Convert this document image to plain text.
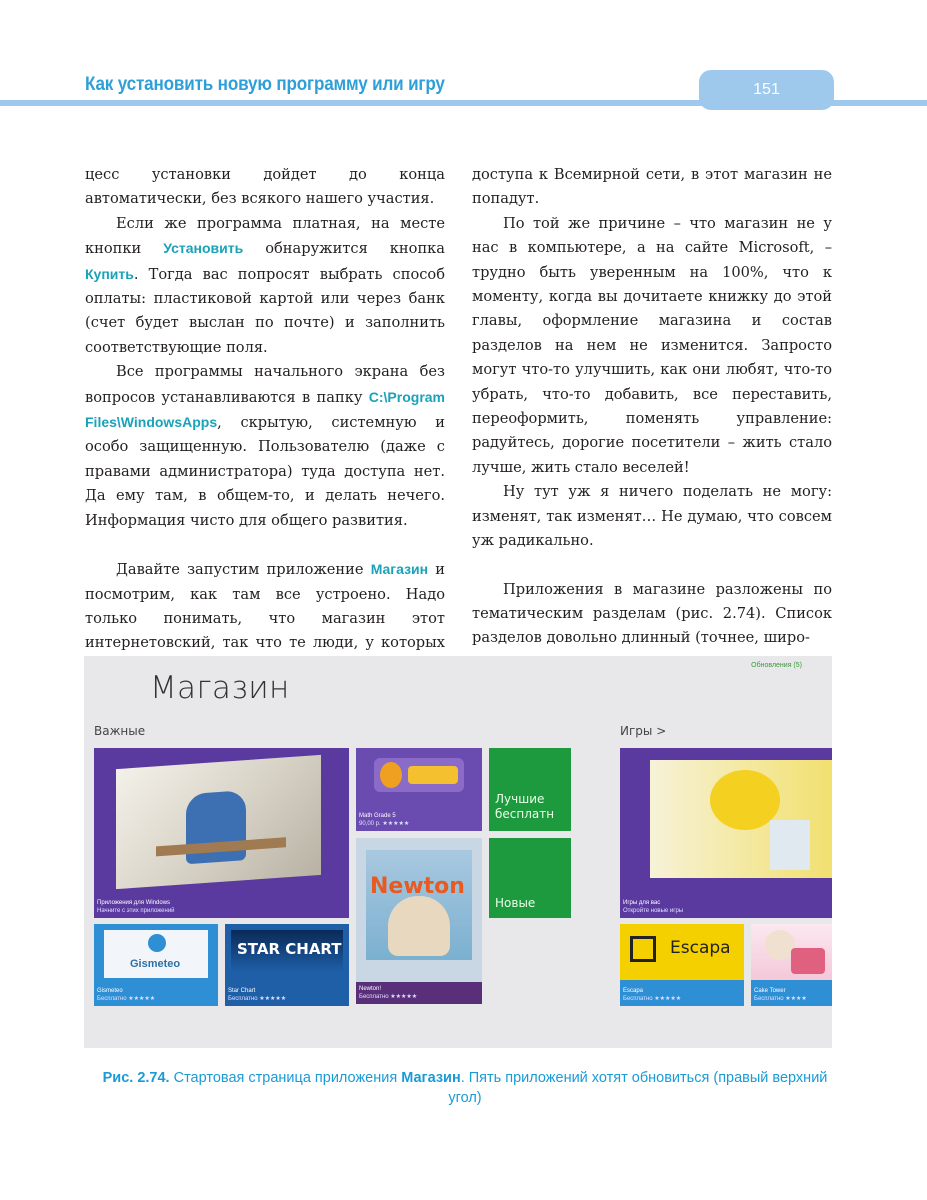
Как установить новую программу или игру	151

цесс установки дойдет до конца автоматически, без всякого нашего участия.

Если же программа платная, на месте кнопки Установить обнаружится кнопка Купить. Тогда вас попросят выбрать способ оплаты: пластиковой картой или через банк (счет будет выслан по почте) и заполнить соответствующие поля.

Все программы начального экрана без вопросов устанавливаются в папку C:\Program Files\WindowsApps, скрытую, системную и особо защищенную. Пользователю (даже с правами администратора) туда доступа нет. Да ему там, в общем-то, и делать нечего. Информация чисто для общего развития.

Давайте запустим приложение Магазин и посмотрим, как там все устроено. Надо только понимать, что магазин этот интернетовский, так что те люди, у которых

доступа к Всемирной сети, в этот магазин не попадут.

По той же причине – что магазин не у нас в компьютере, а на сайте Microsoft, – трудно быть уверенным на 100%, что к моменту, когда вы дочитаете книжку до этой главы, оформление магазина и состав разделов на нем не изменится. Запросто могут что-то улучшить, как они любят, что-то убрать, что-то добавить, все переставить, переоформить, поменять управление: радуйтесь, дорогие посетители – жить стало лучше, жить стало веселей!

Ну тут уж я ничего поделать не могу: изменят, так изменят… Не думаю, что совсем уж радикально.

Приложения в магазине разложены по тематическим разделам (рис. 2.74). Список разделов довольно длинный (точнее, широ-

Обновления (5)
Магазин
Важные	Игры >
Приложения для Windows
Начните с этих приложений
Math Grade 5
90,00 р. ★★★★★
Лучшие бесплатн
Newton
Newton!
Бесплатно ★★★★★
Новые
Gismeteo
Gismeteo
Бесплатно ★★★★★
STAR CHART
Star Chart
Бесплатно ★★★★★
Игры для вас
Откройте новые игры
Escapa
Escapa
Бесплатно ★★★★★
Cake Tower
Бесплатно ★★★★
Рис. 2.74. Стартовая страница приложения Магазин. Пять приложений хотят обновиться (правый верхний угол)
